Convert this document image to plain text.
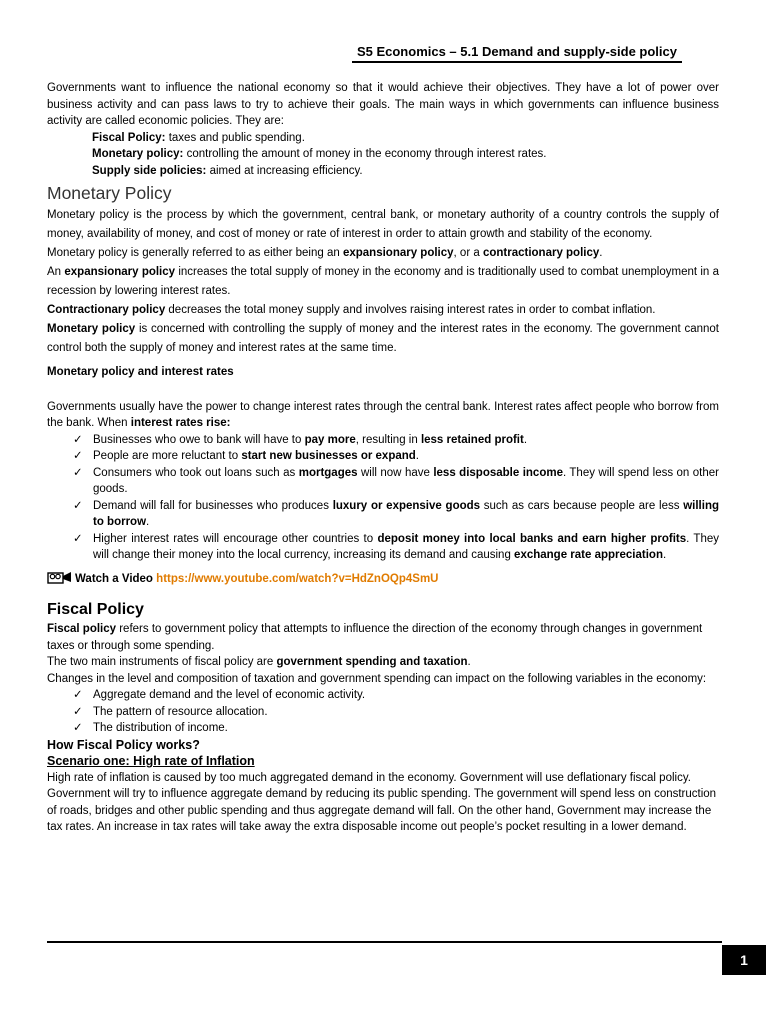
S5 Economics – 5.1 Demand and supply-side policy

Governments want to influence the national economy so that it would achieve their objectives. They have a lot of power over business activity and can pass laws to try to achieve their goals. The main ways in which governments can influence business activity are called economic policies. They are:

Fiscal Policy: taxes and public spending.

Monetary policy: controlling the amount of money in the economy through interest rates.

Supply side policies: aimed at increasing efficiency.

Monetary Policy

Monetary policy is the process by which the government, central bank, or monetary authority of a country controls the supply of money, availability of money, and cost of money or rate of interest in order to attain growth and stability of the economy.

Monetary policy is generally referred to as either being an expansionary policy, or a contractionary policy.

An expansionary policy increases the total supply of money in the economy and is traditionally used to combat unemployment in a recession by lowering interest rates.

Contractionary policy decreases the total money supply and involves raising interest rates in order to combat inflation.

Monetary policy is concerned with controlling the supply of money and the interest rates in the economy. The government cannot control both the supply of money and interest rates at the same time.

Monetary policy and interest rates

Governments usually have the power to change interest rates through the central bank. Interest rates affect people who borrow from the bank. When interest rates rise:

✓ Businesses who owe to bank will have to pay more, resulting in less retained profit.
✓ People are more reluctant to start new businesses or expand.
✓ Consumers who took out loans such as mortgages will now have less disposable income. They will spend less on other goods.
✓ Demand will fall for businesses who produces luxury or expensive goods such as cars because people are less willing to borrow.
✓ Higher interest rates will encourage other countries to deposit money into local banks and earn higher profits. They will change their money into the local currency, increasing its demand and causing exchange rate appreciation.

Watch a Video https://www.youtube.com/watch?v=HdZnOQp4SmU

Fiscal Policy

Fiscal policy refers to government policy that attempts to influence the direction of the economy through changes in government taxes or through some spending.

The two main instruments of fiscal policy are government spending and taxation.

Changes in the level and composition of taxation and government spending can impact on the following variables in the economy:

✓ Aggregate demand and the level of economic activity.
✓ The pattern of resource allocation.
✓ The distribution of income.

How Fiscal Policy works?

Scenario one: High rate of Inflation

High rate of inflation is caused by too much aggregated demand in the economy. Government will use deflationary fiscal policy. Government will try to influence aggregate demand by reducing its public spending. The government will spend less on construction of roads, bridges and other public spending and thus aggregate demand will fall. On the other hand, Government may increase the tax rates. An increase in tax rates will take away the extra disposable income out people’s pocket resulting in a lower demand.

1
